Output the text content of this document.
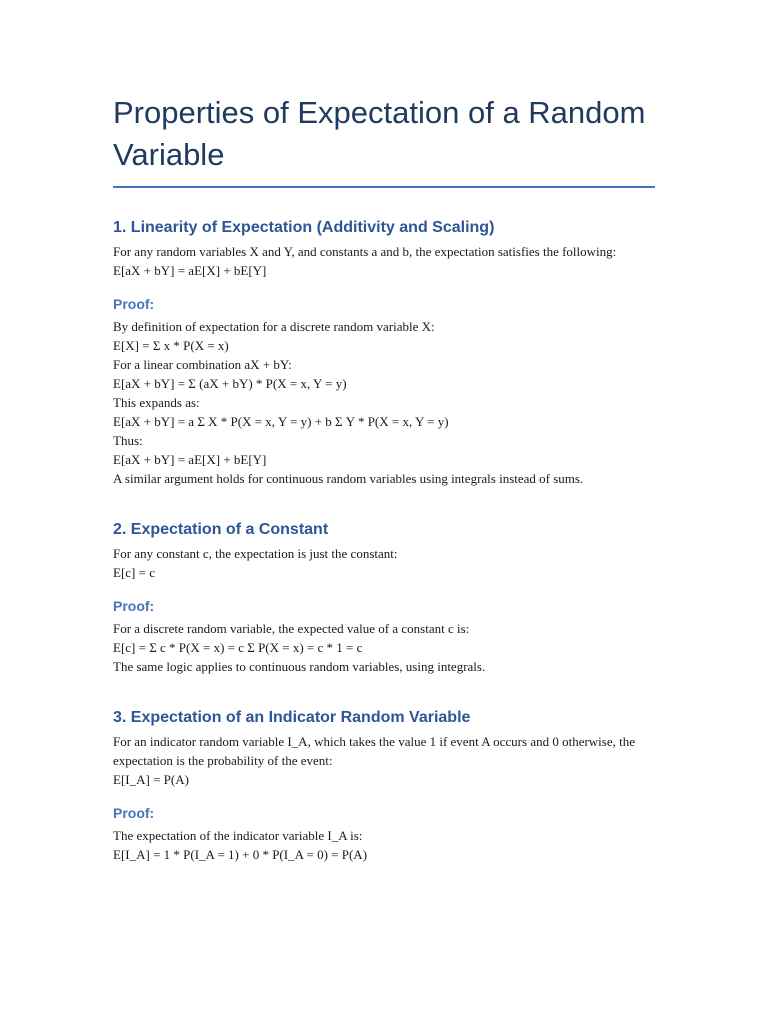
Properties of Expectation of a Random Variable
1. Linearity of Expectation (Additivity and Scaling)

For any random variables X and Y, and constants a and b, the expectation satisfies the following:

E[aX + bY] = aE[X] + bE[Y]

Proof:

By definition of expectation for a discrete random variable X:

E[X] = Σ x * P(X = x)

For a linear combination aX + bY:

E[aX + bY] = Σ (aX + bY) * P(X = x, Y = y)

This expands as:

E[aX + bY] = a Σ X * P(X = x, Y = y) + b Σ Y * P(X = x, Y = y)

Thus:

E[aX + bY] = aE[X] + bE[Y]

A similar argument holds for continuous random variables using integrals instead of sums.

2. Expectation of a Constant

For any constant c, the expectation is just the constant:

E[c] = c

Proof:

For a discrete random variable, the expected value of a constant c is:

E[c] = Σ c * P(X = x) = c Σ P(X = x) = c * 1 = c

The same logic applies to continuous random variables, using integrals.

3. Expectation of an Indicator Random Variable

For an indicator random variable I_A, which takes the value 1 if event A occurs and 0 otherwise, the expectation is the probability of the event:

E[I_A] = P(A)

Proof:

The expectation of the indicator variable I_A is:

E[I_A] = 1 * P(I_A = 1) + 0 * P(I_A = 0) = P(A)
